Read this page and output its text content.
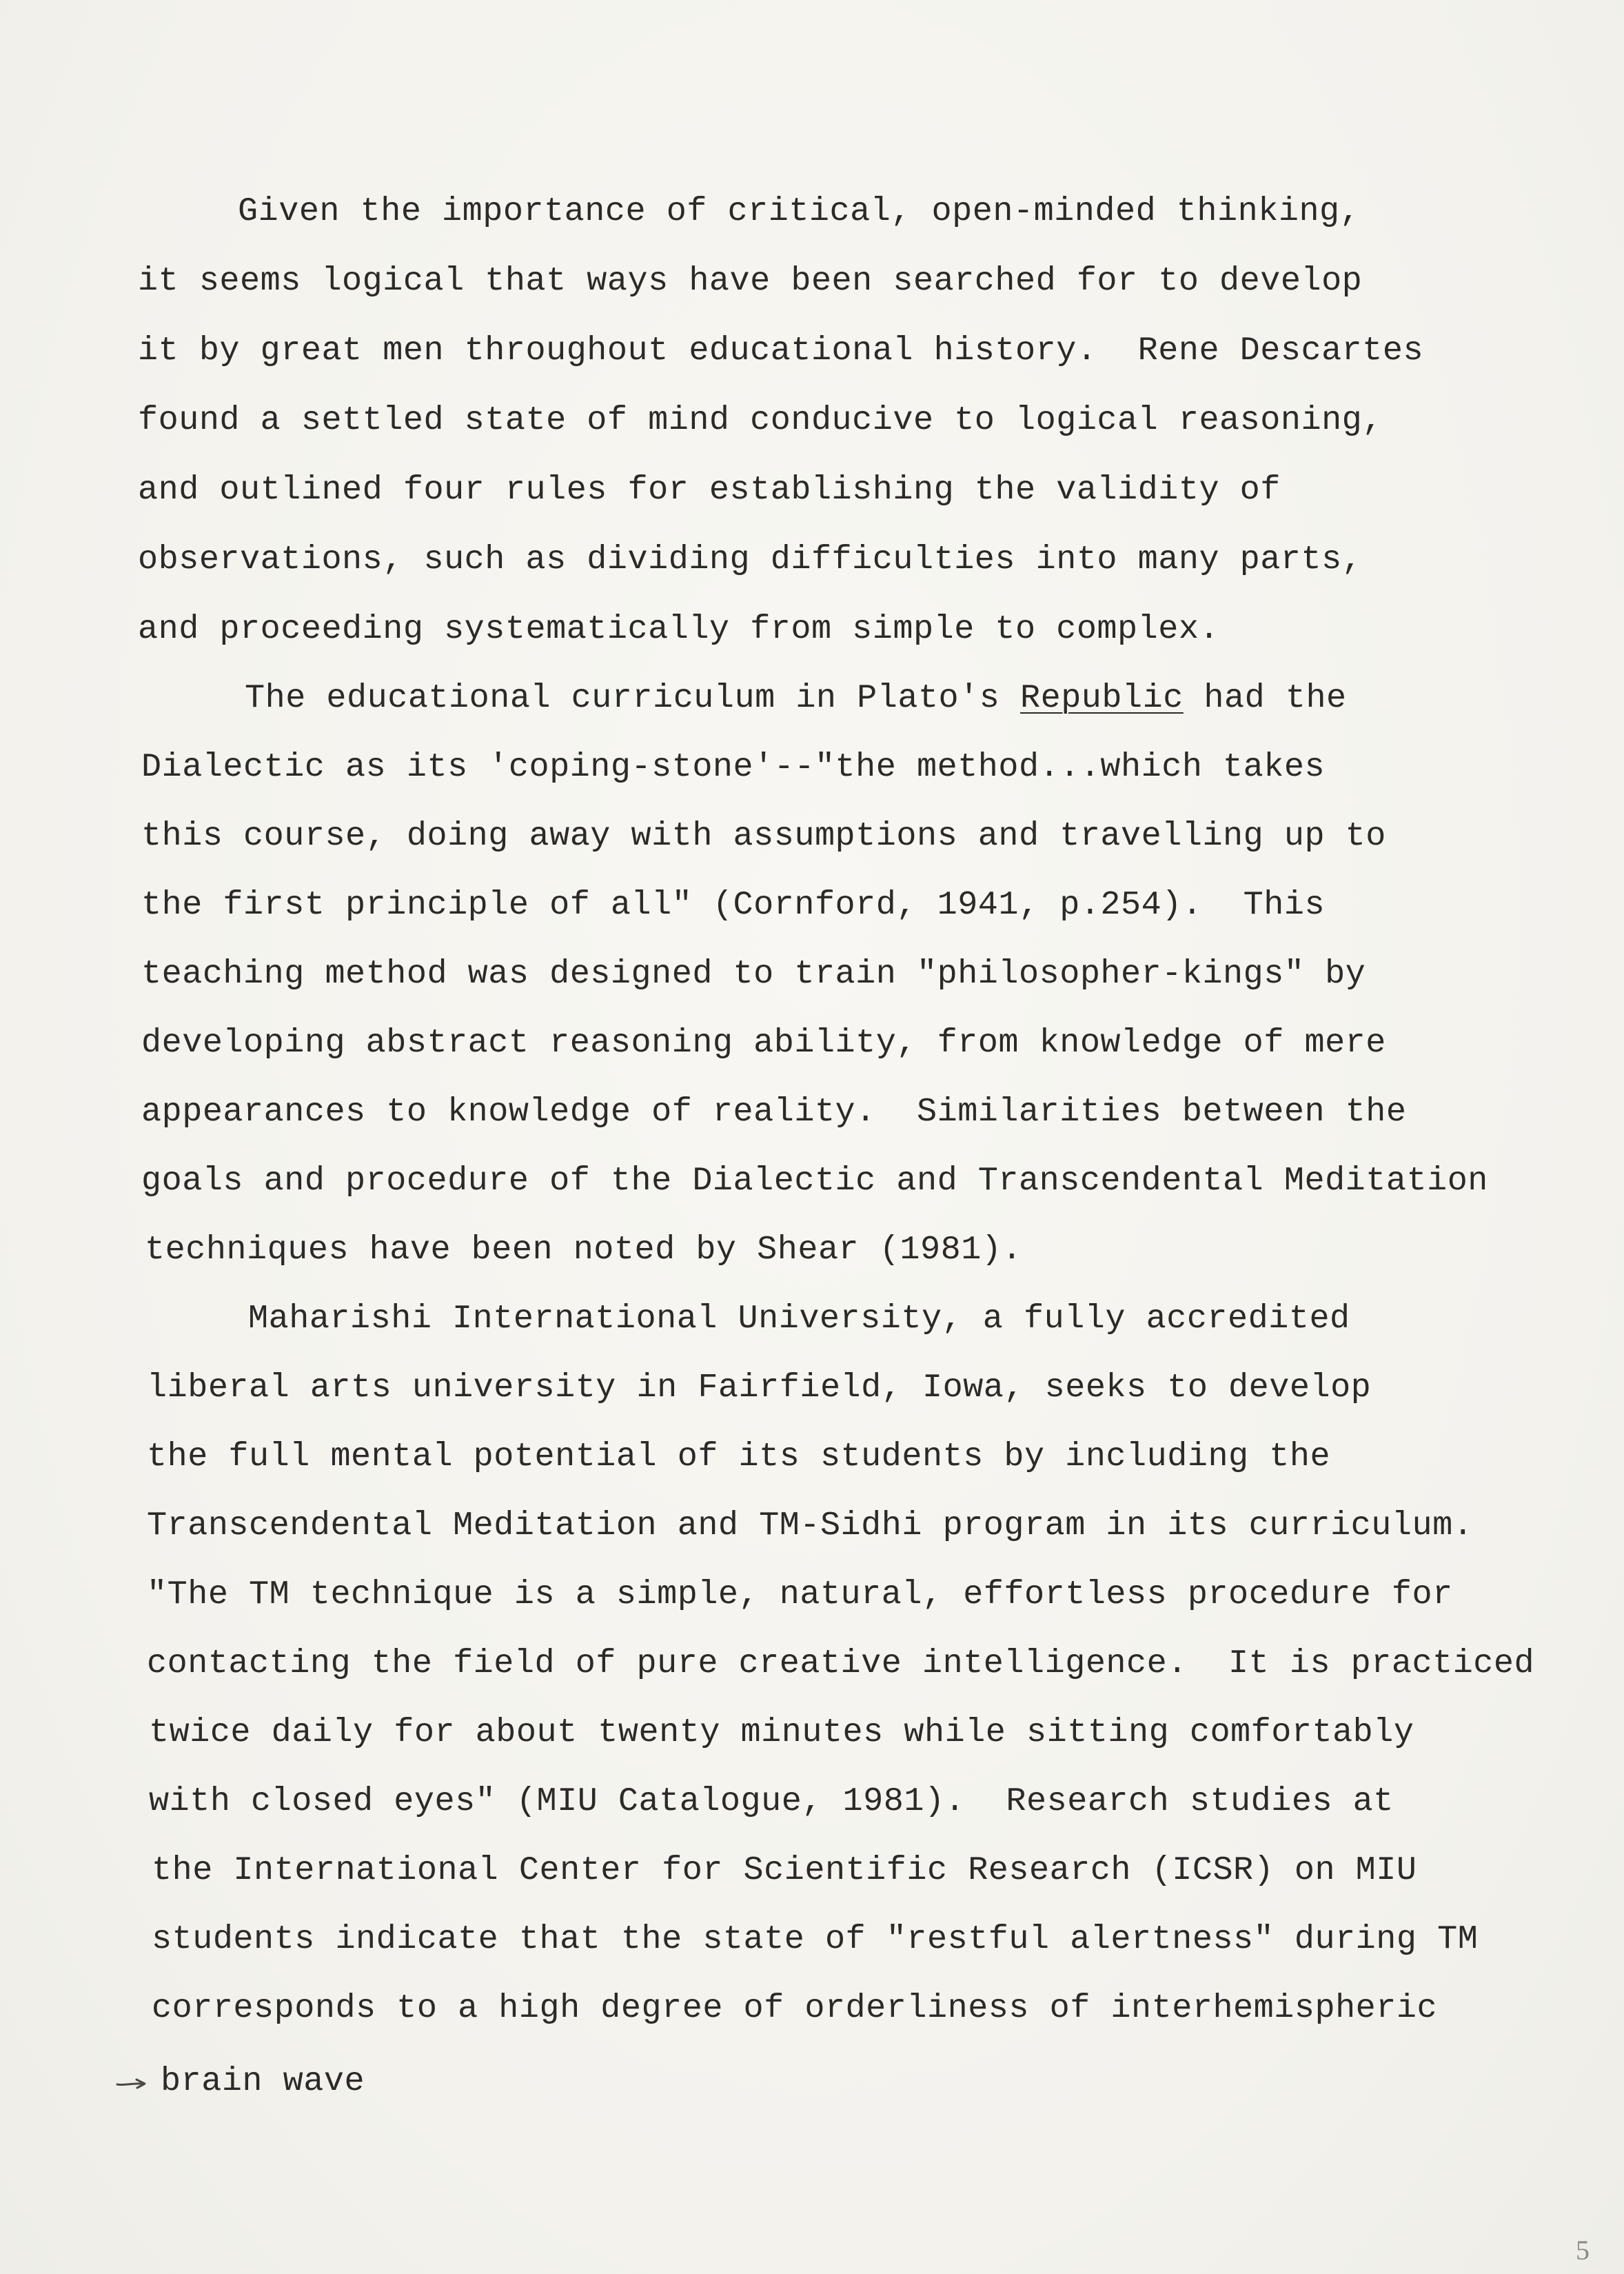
Given the importance of critical, open-minded thinking,
it seems logical that ways have been searched for to develop
it by great men throughout educational history.  Rene Descartes
found a settled state of mind conducive to logical reasoning,
and outlined four rules for establishing the validity of
observations, such as dividing difficulties into many parts,
and proceeding systematically from simple to complex.
The educational curriculum in Plato's Republic had the
Dialectic as its 'coping-stone'--"the method...which takes
this course, doing away with assumptions and travelling up to
the first principle of all" (Cornford, 1941, p.254).  This
teaching method was designed to train "philosopher-kings" by
developing abstract reasoning ability, from knowledge of mere
appearances to knowledge of reality.  Similarities between the
goals and procedure of the Dialectic and Transcendental Meditation
techniques have been noted by Shear (1981).
Maharishi International University, a fully accredited
liberal arts university in Fairfield, Iowa, seeks to develop
the full mental potential of its students by including the
Transcendental Meditation and TM-Sidhi program in its curriculum.
"The TM technique is a simple, natural, effortless procedure for
contacting the field of pure creative intelligence.  It is practiced
twice daily for about twenty minutes while sitting comfortably
with closed eyes" (MIU Catalogue, 1981).  Research studies at
the International Center for Scientific Research (ICSR) on MIU
students indicate that the state of "restful alertness" during TM
corresponds to a high degree of orderliness of interhemispheric
brain wave
5
